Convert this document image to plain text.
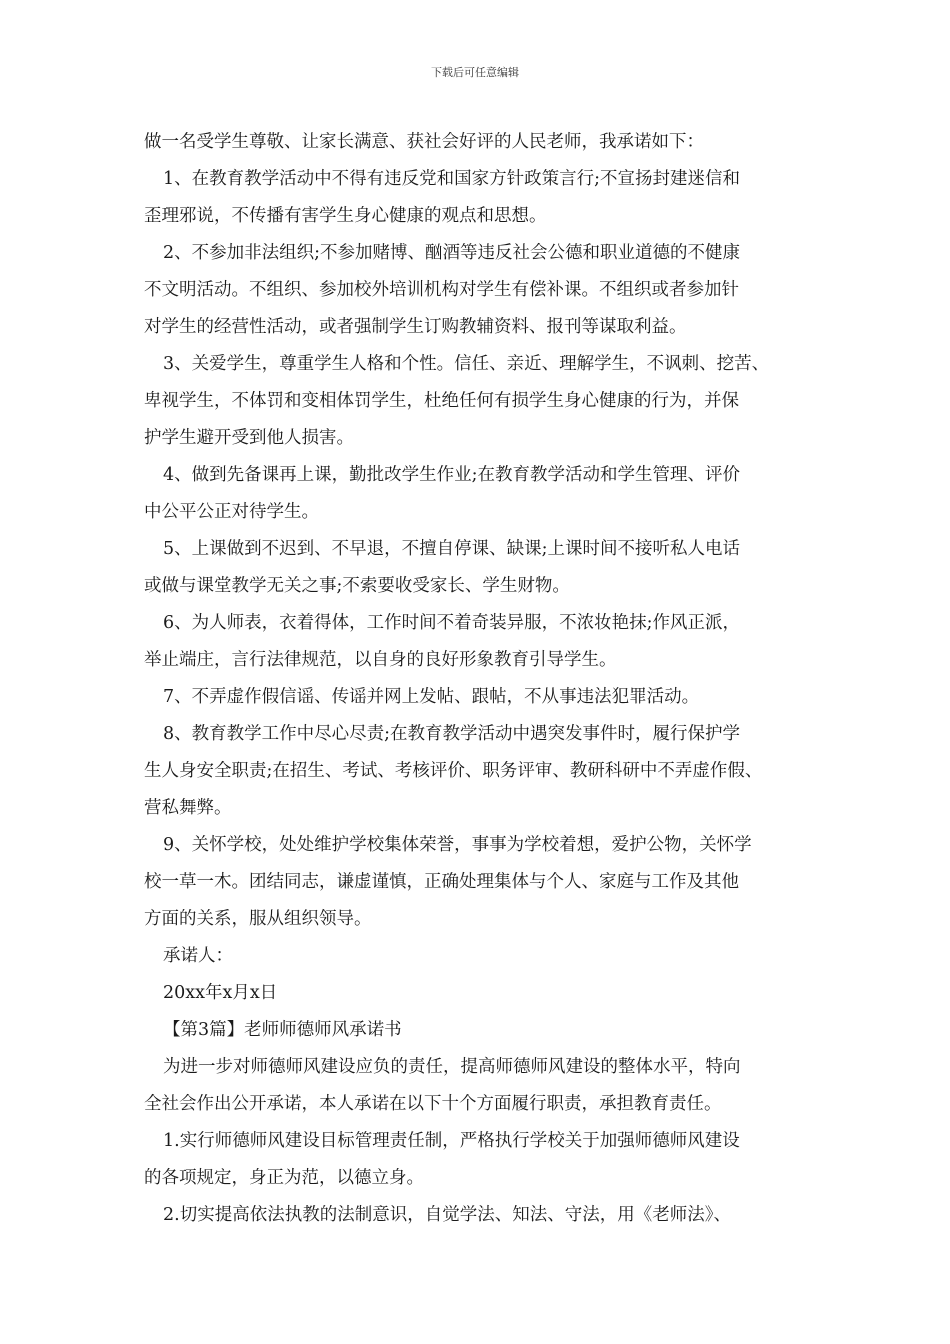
下载后可任意编辑

做一名受学生尊敬、让家长满意、获社会好评的人民老师，我承诺如下：

1、在教育教学活动中不得有违反党和国家方针政策言行;不宣扬封建迷信和

歪理邪说，不传播有害学生身心健康的观点和思想。

2、不参加非法组织;不参加赌博、酗酒等违反社会公德和职业道德的不健康

不文明活动。不组织、参加校外培训机构对学生有偿补课。不组织或者参加针

对学生的经营性活动，或者强制学生订购教辅资料、报刊等谋取利益。

3、关爱学生，尊重学生人格和个性。信任、亲近、理解学生，不讽刺、挖苦、

卑视学生，不体罚和变相体罚学生，杜绝任何有损学生身心健康的行为，并保

护学生避开受到他人损害。

4、做到先备课再上课，勤批改学生作业;在教育教学活动和学生管理、评价

中公平公正对待学生。

5、上课做到不迟到、不早退，不擅自停课、缺课;上课时间不接听私人电话

或做与课堂教学无关之事;不索要收受家长、学生财物。

6、为人师表，衣着得体，工作时间不着奇装异服，不浓妆艳抹;作风正派，

举止端庄，言行法律规范，以自身的良好形象教育引导学生。

7、不弄虚作假信谣、传谣并网上发帖、跟帖，不从事违法犯罪活动。

8、教育教学工作中尽心尽责;在教育教学活动中遇突发事件时，履行保护学

生人身安全职责;在招生、考试、考核评价、职务评审、教研科研中不弄虚作假、

营私舞弊。

9、关怀学校，处处维护学校集体荣誉，事事为学校着想，爱护公物，关怀学

校一草一木。团结同志，谦虚谨慎，正确处理集体与个人、家庭与工作及其他

方面的关系，服从组织领导。

承诺人：

20xx年x月x日

【第3篇】老师师德师风承诺书

为进一步对师德师风建设应负的责任，提高师德师风建设的整体水平，特向

全社会作出公开承诺，本人承诺在以下十个方面履行职责，承担教育责任。

1.实行师德师风建设目标管理责任制，严格执行学校关于加强师德师风建设

的各项规定，身正为范，以德立身。

2.切实提高依法执教的法制意识，自觉学法、知法、守法，用《老师法》、
